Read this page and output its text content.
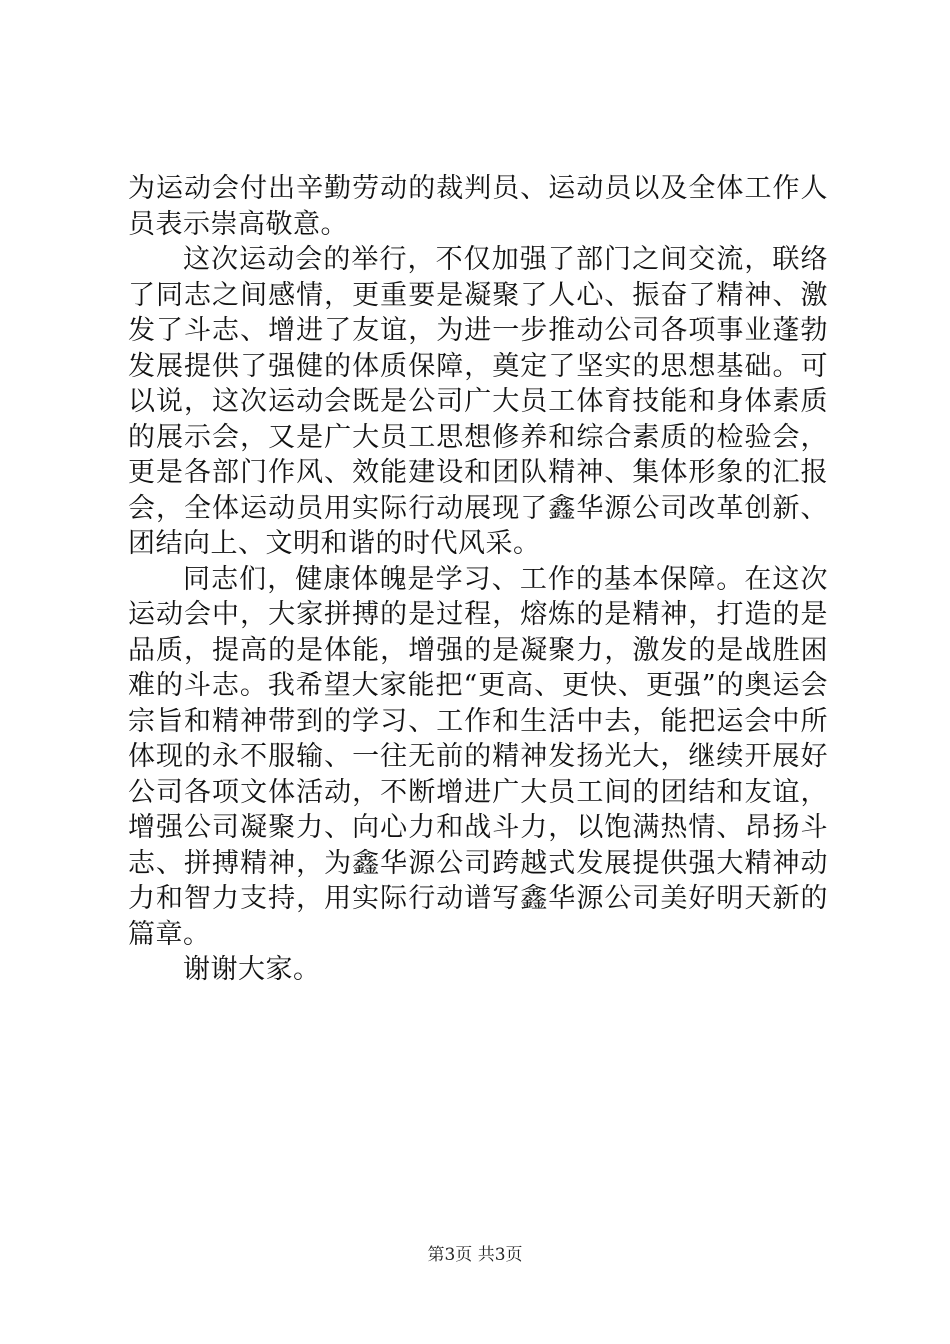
为运动会付出辛勤劳动的裁判员、运动员以及全体工作人员表示崇高敬意。

这次运动会的举行，不仅加强了部门之间交流，联络了同志之间感情，更重要是凝聚了人心、振奋了精神、激发了斗志、增进了友谊，为进一步推动公司各项事业蓬勃发展提供了强健的体质保障，奠定了坚实的思想基础。可以说，这次运动会既是公司广大员工体育技能和身体素质的展示会，又是广大员工思想修养和综合素质的检验会，更是各部门作风、效能建设和团队精神、集体形象的汇报会，全体运动员用实际行动展现了鑫华源公司改革创新、团结向上、文明和谐的时代风采。

同志们，健康体魄是学习、工作的基本保障。在这次运动会中，大家拼搏的是过程，熔炼的是精神，打造的是品质，提高的是体能，增强的是凝聚力，激发的是战胜困难的斗志。我希望大家能把“更高、更快、更强”的奥运会宗旨和精神带到的学习、工作和生活中去，能把运会中所体现的永不服输、一往无前的精神发扬光大，继续开展好公司各项文体活动，不断增进广大员工间的团结和友谊，增强公司凝聚力、向心力和战斗力，以饱满热情、昂扬斗志、拼搏精神，为鑫华源公司跨越式发展提供强大精神动力和智力支持，用实际行动谱写鑫华源公司美好明天新的篇章。

谢谢大家。

第3页 共3页
